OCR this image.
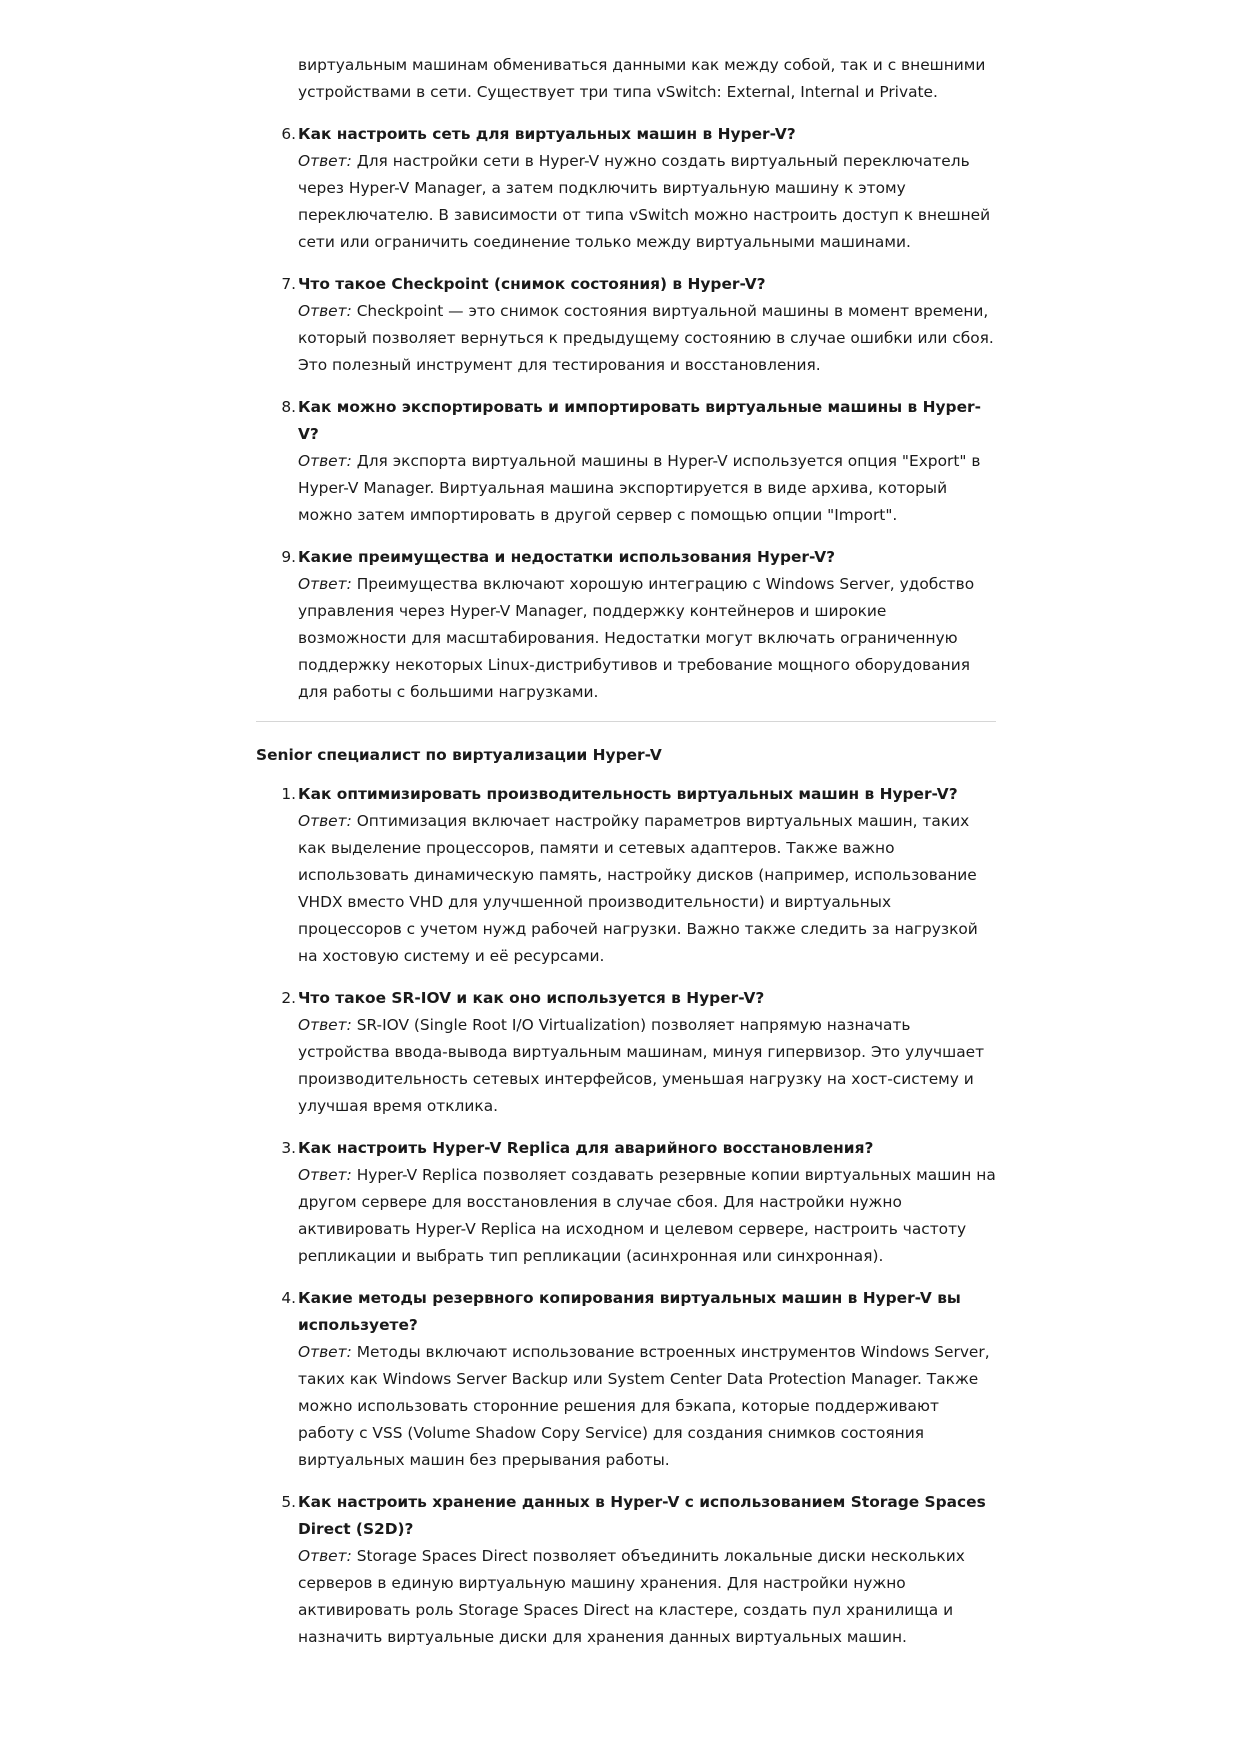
виртуальным машинам обмениваться данными как между собой, так и с внешними устройствами в сети. Существует три типа vSwitch: External, Internal и Private.

6. Как настроить сеть для виртуальных машин в Hyper-V?
Ответ: Для настройки сети в Hyper-V нужно создать виртуальный переключатель через Hyper-V Manager, а затем подключить виртуальную машину к этому переключателю. В зависимости от типа vSwitch можно настроить доступ к внешней сети или ограничить соединение только между виртуальными машинами.
7. Что такое Checkpoint (снимок состояния) в Hyper-V?
Ответ: Checkpoint — это снимок состояния виртуальной машины в момент времени, который позволяет вернуться к предыдущему состоянию в случае ошибки или сбоя. Это полезный инструмент для тестирования и восстановления.
8. Как можно экспортировать и импортировать виртуальные машины в Hyper-V?
Ответ: Для экспорта виртуальной машины в Hyper-V используется опция "Export" в Hyper-V Manager. Виртуальная машина экспортируется в виде архива, который можно затем импортировать в другой сервер с помощью опции "Import".
9. Какие преимущества и недостатки использования Hyper-V?
Ответ: Преимущества включают хорошую интеграцию с Windows Server, удобство управления через Hyper-V Manager, поддержку контейнеров и широкие возможности для масштабирования. Недостатки могут включать ограниченную поддержку некоторых Linux-дистрибутивов и требование мощного оборудования для работы с большими нагрузками.
Senior специалист по виртуализации Hyper-V
1. Как оптимизировать производительность виртуальных машин в Hyper-V?
Ответ: Оптимизация включает настройку параметров виртуальных машин, таких как выделение процессоров, памяти и сетевых адаптеров. Также важно использовать динамическую память, настройку дисков (например, использование VHDX вместо VHD для улучшенной производительности) и виртуальных процессоров с учетом нужд рабочей нагрузки. Важно также следить за нагрузкой на хостовую систему и её ресурсами.
2. Что такое SR-IOV и как оно используется в Hyper-V?
Ответ: SR-IOV (Single Root I/O Virtualization) позволяет напрямую назначать устройства ввода-вывода виртуальным машинам, минуя гипервизор. Это улучшает производительность сетевых интерфейсов, уменьшая нагрузку на хост-систему и улучшая время отклика.
3. Как настроить Hyper-V Replica для аварийного восстановления?
Ответ: Hyper-V Replica позволяет создавать резервные копии виртуальных машин на другом сервере для восстановления в случае сбоя. Для настройки нужно активировать Hyper-V Replica на исходном и целевом сервере, настроить частоту репликации и выбрать тип репликации (асинхронная или синхронная).
4. Какие методы резервного копирования виртуальных машин в Hyper-V вы используете?
Ответ: Методы включают использование встроенных инструментов Windows Server, таких как Windows Server Backup или System Center Data Protection Manager. Также можно использовать сторонние решения для бэкапа, которые поддерживают работу с VSS (Volume Shadow Copy Service) для создания снимков состояния виртуальных машин без прерывания работы.
5. Как настроить хранение данных в Hyper-V с использованием Storage Spaces Direct (S2D)?
Ответ: Storage Spaces Direct позволяет объединить локальные диски нескольких серверов в единую виртуальную машину хранения. Для настройки нужно активировать роль Storage Spaces Direct на кластере, создать пул хранилища и назначить виртуальные диски для хранения данных виртуальных машин.
